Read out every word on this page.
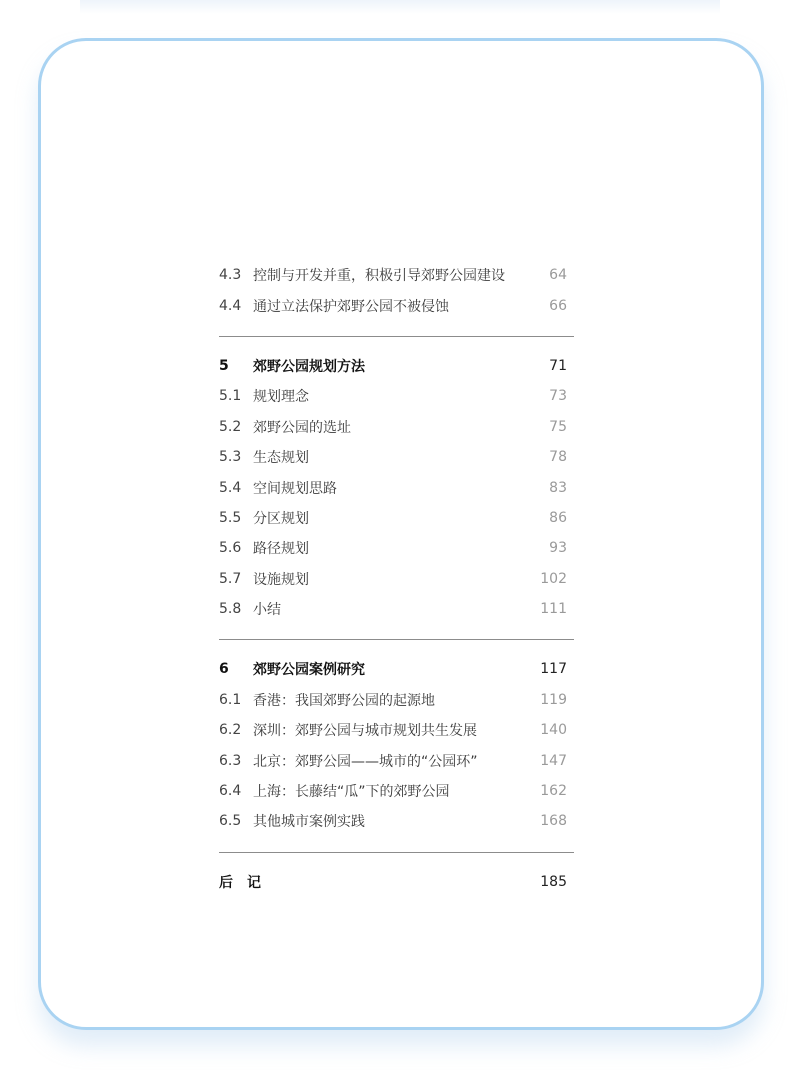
4.3 控制与开发并重，积极引导郊野公园建设	64
4.4 通过立法保护郊野公园不被侵蚀	66
5	郊野公园规划方法	71
5.1 规划理念	73
5.2 郊野公园的选址	75
5.3 生态规划	78
5.4 空间规划思路	83
5.5 分区规划	86
5.6 路径规划	93
5.7 设施规划	102
5.8 小结	111
6	郊野公园案例研究	117
6.1 香港：我国郊野公园的起源地	119
6.2 深圳：郊野公园与城市规划共生发展	140
6.3 北京：郊野公园——城市的“公园环”	147
6.4 上海：长藤结“瓜”下的郊野公园	162
6.5 其他城市案例实践	168
后记	185
